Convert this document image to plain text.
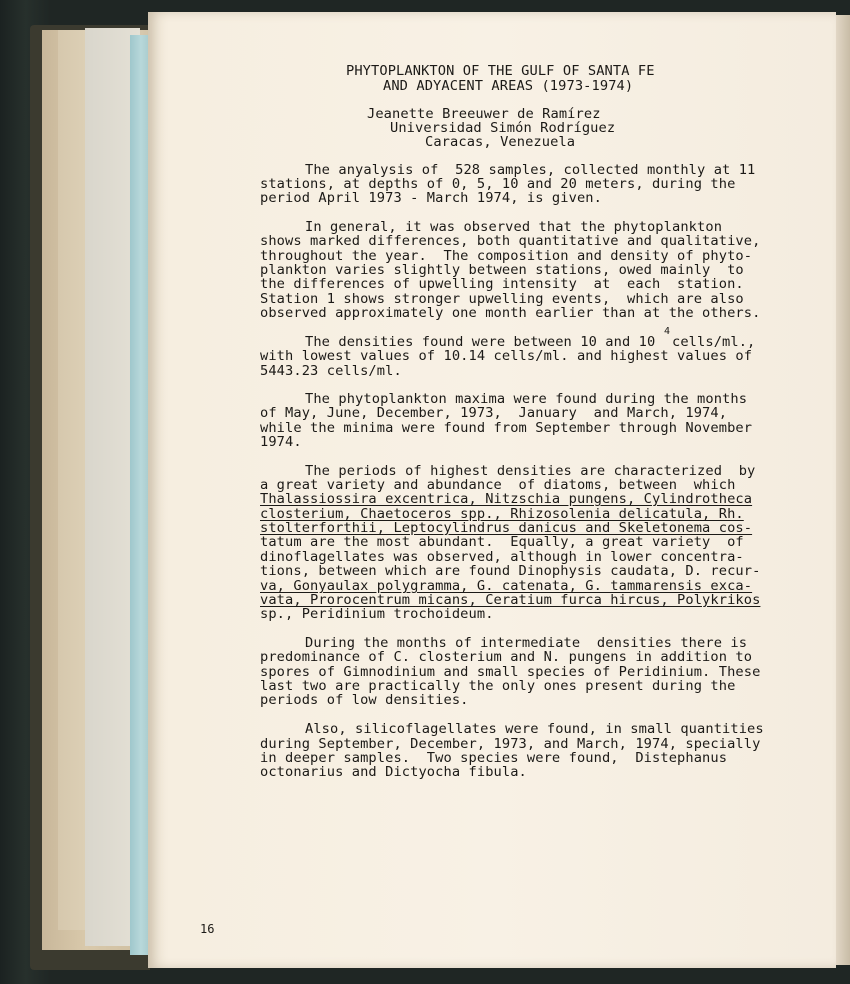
PHYTOPLANKTON OF THE GULF OF SANTA FE

AND ADYACENT AREAS (1973-1974)

Jeanette Breeuwer de Ramírez

Universidad Simón Rodríguez

Caracas, Venezuela

The anyalysis of  528 samples, collected monthly at 11

stations, at depths of 0, 5, 10 and 20 meters, during the

period April 1973 - March 1974, is given.

In general, it was observed that the phytoplankton

shows marked differences, both quantitative and qualitative,

throughout the year.  The composition and density of phyto-

plankton varies slightly between stations, owed mainly  to

the differences of upwelling intensity  at  each  station.

Station 1 shows stronger upwelling events,  which are also

observed approximately one month earlier than at the others.

The densities found were between 10 and 10  cells/ml.,

4

with lowest values of 10.14 cells/ml. and highest values of

5443.23 cells/ml.

The phytoplankton maxima were found during the months

of May, June, December, 1973,  January  and March, 1974,

while the minima were found from September through November

1974.

The periods of highest densities are characterized  by

a great variety and abundance  of diatoms, between  which

Thalassiossira excentrica, Nitzschia pungens, Cylindrotheca

closterium, Chaetoceros spp., Rhizosolenia delicatula, Rh.

stolterforthii, Leptocylindrus danicus and Skeletonema cos-

tatum are the most abundant.  Equally, a great variety  of

dinoflagellates was observed, although in lower concentra-

tions, between which are found Dinophysis caudata, D. recur-

va, Gonyaulax polygramma, G. catenata, G. tammarensis exca-

vata, Prorocentrum micans, Ceratium furca hircus, Polykrikos

sp., Peridinium trochoideum.

During the months of intermediate  densities there is

predominance of C. closterium and N. pungens in addition to

spores of Gimnodinium and small species of Peridinium. These

last two are practically the only ones present during the

periods of low densities.

Also, silicoflagellates were found, in small quantities

during September, December, 1973, and March, 1974, specially

in deeper samples.  Two species were found,  Distephanus

octonarius and Dictyocha fibula.

16
